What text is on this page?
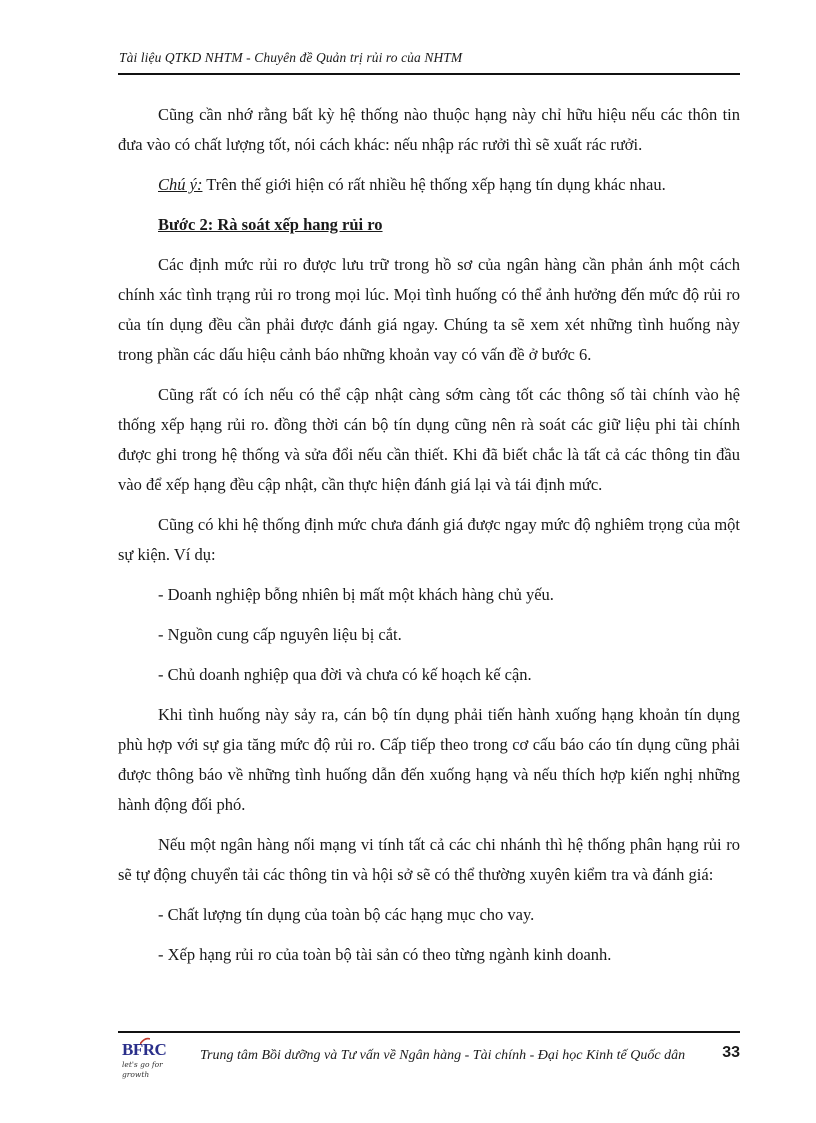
Tài liệu QTKD NHTM - Chuyên đề Quản trị rủi ro của NHTM

Cũng cần nhớ rằng bất kỳ hệ thống nào thuộc hạng này chỉ hữu hiệu nếu các thôn tin đưa vào có chất lượng tốt, nói cách khác: nếu nhập rác rưởi thì sẽ xuất rác rưởi.

Chú ý: Trên thế giới hiện có rất nhiều hệ thống xếp hạng tín dụng khác nhau.

Bước 2: Rà soát xếp hang rủi ro

Các định mức rủi ro được lưu trữ trong hồ sơ của ngân hàng cần phản ánh một cách chính xác tình trạng rủi ro trong mọi lúc. Mọi tình huống có thể ảnh hưởng đến mức độ rủi ro của tín dụng đều cần phải được đánh giá ngay. Chúng ta sẽ xem xét những tình huống này trong phần các dấu hiệu cảnh báo những khoản vay có vấn đề ở bước 6.

Cũng rất có ích nếu có thể cập nhật càng sớm càng tốt các thông số tài chính vào hệ thống xếp hạng rủi ro. đồng thời cán bộ tín dụng cũng nên rà soát các giữ liệu phi tài chính được ghi trong hệ thống và sửa đổi nếu cần thiết. Khi đã biết chắc là tất cả các thông tin đầu vào để xếp hạng đều cập nhật, cần thực hiện đánh giá lại và tái định mức.

Cũng có khi hệ thống định mức chưa đánh giá được ngay mức độ nghiêm trọng của một sự kiện. Ví dụ:

- Doanh nghiệp bỗng nhiên bị mất một khách hàng chủ yếu.
- Nguồn cung cấp nguyên liệu bị cắt.
- Chủ doanh nghiệp qua đời và chưa có kế hoạch kế cận.

Khi tình huống này sảy ra, cán bộ tín dụng phải tiến hành xuống hạng khoản tín dụng phù hợp với sự gia tăng mức độ rủi ro. Cấp tiếp theo trong cơ cấu báo cáo tín dụng cũng phải được thông báo về những tình huống dẫn đến xuống hạng và nếu thích hợp kiến nghị những hành động đối phó.

Nếu một ngân hàng nối mạng vi tính tất cả các chi nhánh thì hệ thống phân hạng rủi ro sẽ tự động chuyển tải các thông tin và hội sở sẽ có thể thường xuyên kiểm tra và đánh giá:

- Chất lượng tín dụng của toàn bộ các hạng mục cho vay.
- Xếp hạng rủi ro của toàn bộ tài sản có theo từng ngành kinh doanh.
BFRC
let's go for growth
Trung tâm Bồi dưỡng và Tư vấn về Ngân hàng - Tài chính - Đại học Kinh tế Quốc dân 33
